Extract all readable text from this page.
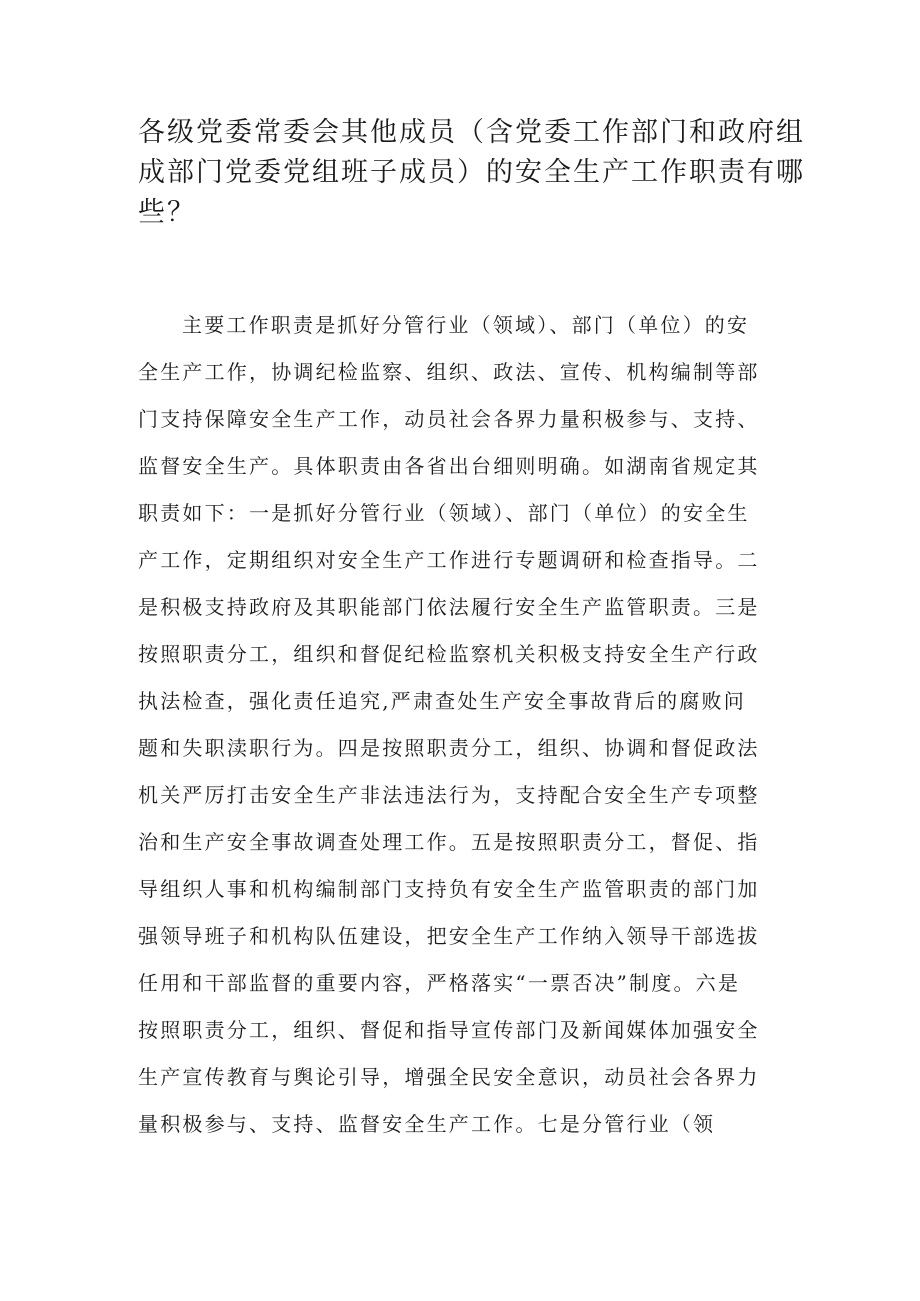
各级党委常委会其他成员（含党委工作部门和政府组
成部门党委党组班子成员）的安全生产工作职责有哪
些？
主要工作职责是抓好分管行业（领域）、部门（单位）的安
全生产工作，协调纪检监察、组织、政法、宣传、机构编制等部
门支持保障安全生产工作，动员社会各界力量积极参与、支持、
监督安全生产。具体职责由各省出台细则明确。如湖南省规定其
职责如下：一是抓好分管行业（领域）、部门（单位）的安全生
产工作，定期组织对安全生产工作进行专题调研和检查指导。二
是积极支持政府及其职能部门依法履行安全生产监管职责。三是
按照职责分工，组织和督促纪检监察机关积极支持安全生产行政
执法检查，强化责任追究,严肃查处生产安全事故背后的腐败问
题和失职渎职行为。四是按照职责分工，组织、协调和督促政法
机关严厉打击安全生产非法违法行为，支持配合安全生产专项整
治和生产安全事故调查处理工作。五是按照职责分工，督促、指
导组织人事和机构编制部门支持负有安全生产监管职责的部门加
强领导班子和机构队伍建设，把安全生产工作纳入领导干部选拔
任用和干部监督的重要内容，严格落实“一票否决”制度。六是
按照职责分工，组织、督促和指导宣传部门及新闻媒体加强安全
生产宣传教育与舆论引导，增强全民安全意识，动员社会各界力
量积极参与、支持、监督安全生产工作。七是分管行业（领
